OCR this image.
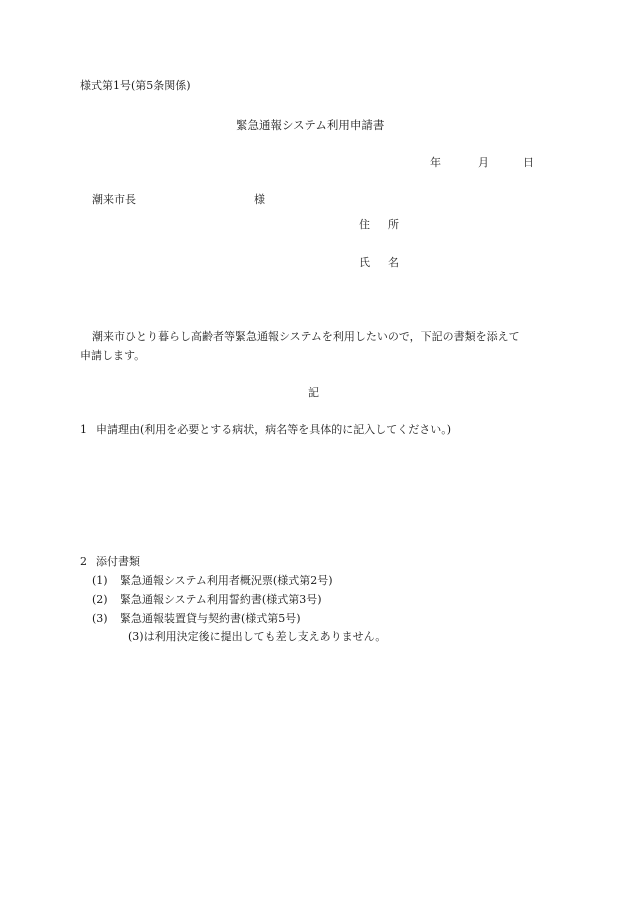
様式第1号(第5条関係)
緊急通報システム利用申請書
年	月	日
潮来市長	様
住 所
氏 名
潮来市ひとり暮らし高齢者等緊急通報システムを利用したいので，下記の書類を添えて
申請します。
記
1 申請理由(利用を必要とする病状，病名等を具体的に記入してください。)
2 添付書類
(1) 緊急通報システム利用者概況票(様式第2号)
(2) 緊急通報システム利用誓約書(様式第3号)
(3) 緊急通報装置貸与契約書(様式第5号)
(3)は利用決定後に提出しても差し支えありません。
